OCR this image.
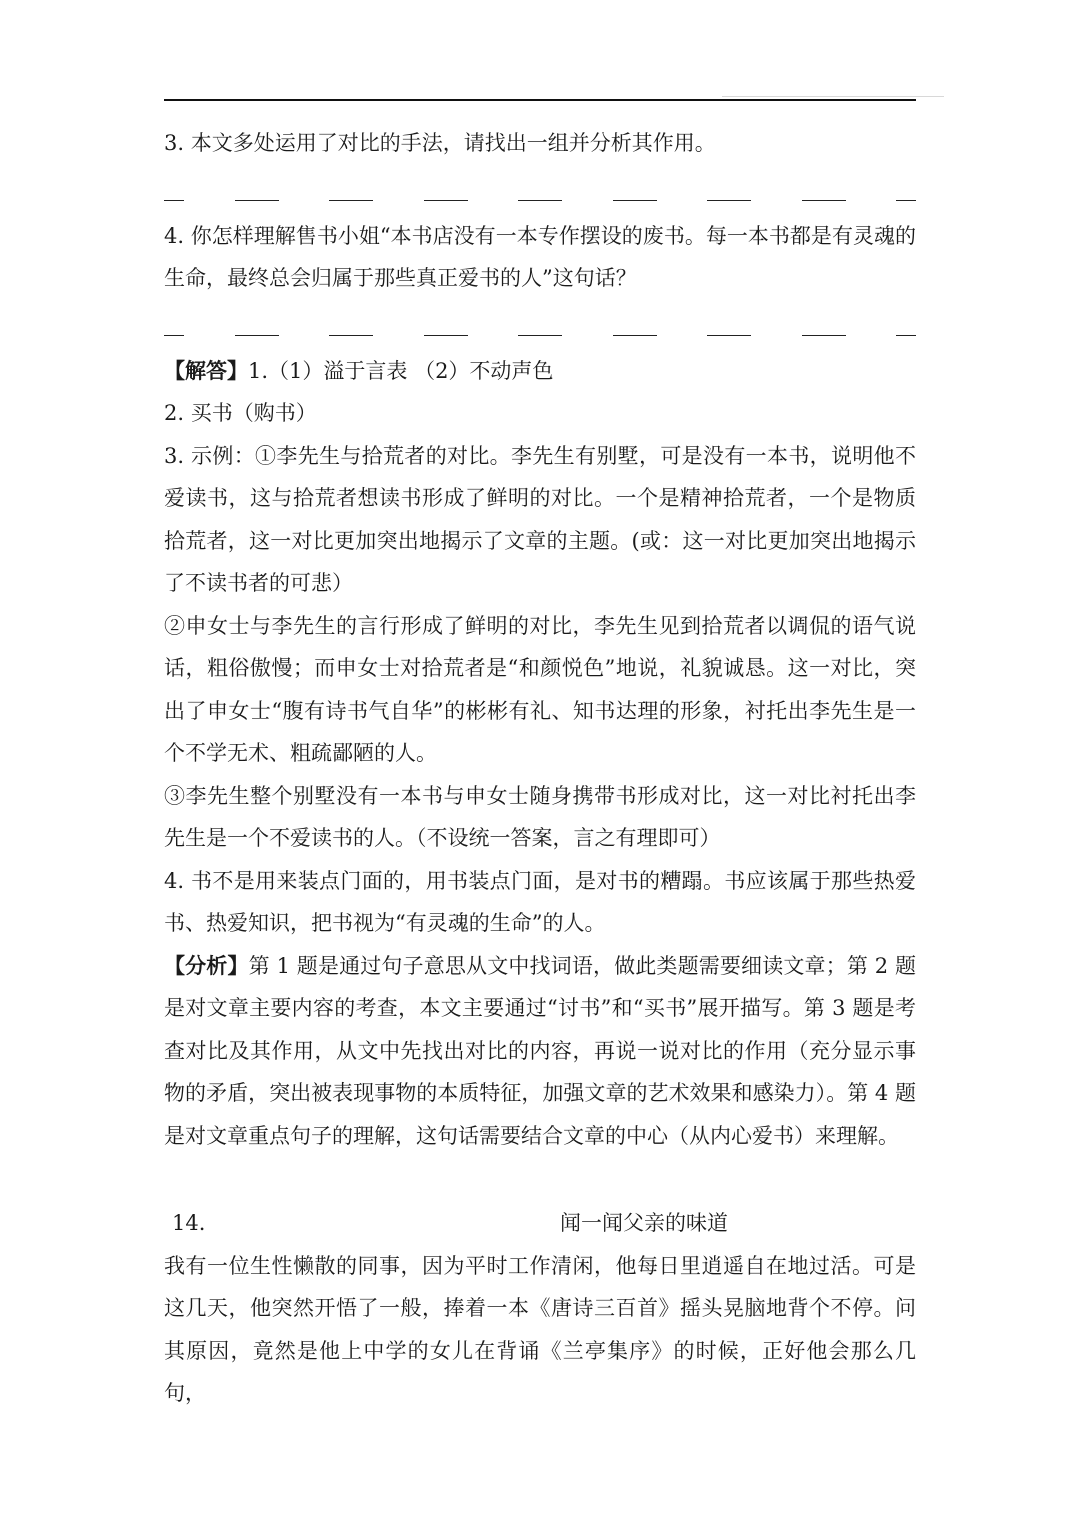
3. 本文多处运用了对比的手法，请找出一组并分析其作用。

4. 你怎样理解售书小姐“本书店没有一本专作摆设的废书。每一本书都是有灵魂的生命，最终总会归属于那些真正爱书的人”这句话？

【解答】1.（1）溢于言表 （2）不动声色

2. 买书（购书）

3. 示例：①李先生与拾荒者的对比。李先生有别墅，可是没有一本书，说明他不爱读书，这与拾荒者想读书形成了鲜明的对比。一个是精神拾荒者，一个是物质拾荒者，这一对比更加突出地揭示了文章的主题。(或：这一对比更加突出地揭示了不读书者的可悲）

②申女士与李先生的言行形成了鲜明的对比，李先生见到拾荒者以调侃的语气说话，粗俗傲慢；而申女士对拾荒者是“和颜悦色”地说，礼貌诚恳。这一对比，突出了申女士“腹有诗书气自华”的彬彬有礼、知书达理的形象，衬托出李先生是一个不学无术、粗疏鄙陋的人。

③李先生整个别墅没有一本书与申女士随身携带书形成对比，这一对比衬托出李先生是一个不爱读书的人。（不设统一答案，言之有理即可）

4. 书不是用来装点门面的，用书装点门面，是对书的糟蹋。书应该属于那些热爱书、热爱知识，把书视为“有灵魂的生命”的人。

【分析】第 1 题是通过句子意思从文中找词语，做此类题需要细读文章；第 2 题是对文章主要内容的考查，本文主要通过“讨书”和“买书”展开描写。第 3 题是考查对比及其作用，从文中先找出对比的内容，再说一说对比的作用（充分显示事物的矛盾，突出被表现事物的本质特征，加强文章的艺术效果和感染力）。第 4 题是对文章重点句子的理解，这句话需要结合文章的中心（从内心爱书）来理解。

14.	闻一闻父亲的味道

我有一位生性懒散的同事，因为平时工作清闲，他每日里逍遥自在地过活。可是这几天，他突然开悟了一般，捧着一本《唐诗三百首》摇头晃脑地背个不停。问其原因，竟然是他上中学的女儿在背诵《兰亭集序》的时候，正好他会那么几句，
